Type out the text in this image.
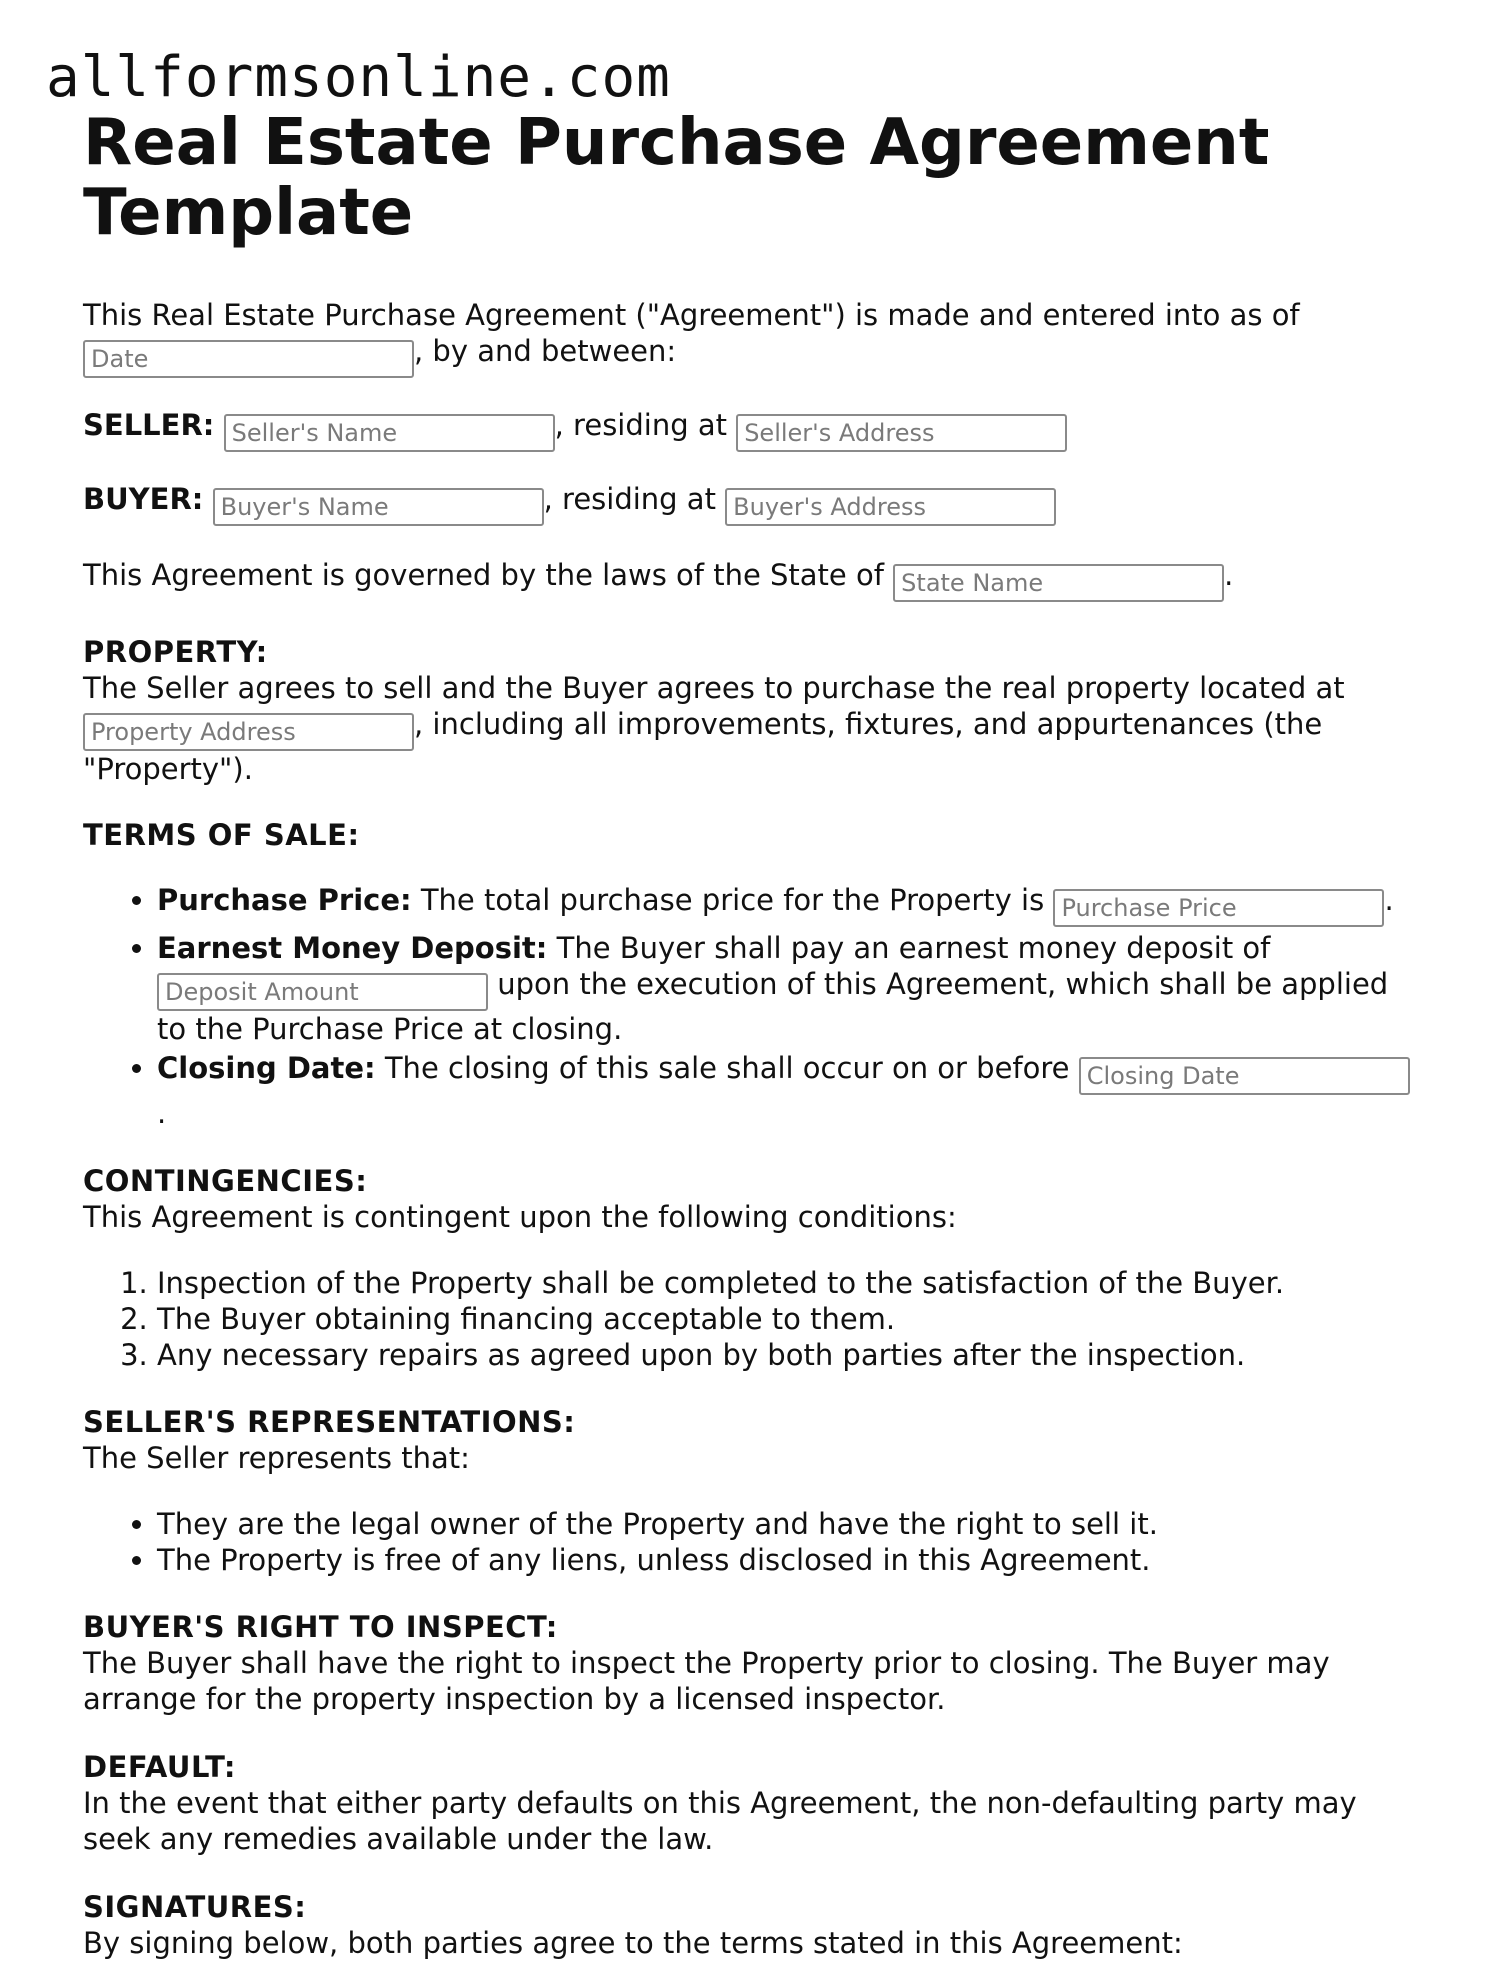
allformsonline.com
Real Estate Purchase Agreement Template

This Real Estate Purchase Agreement ("Agreement") is made and entered into as of
Date, by and between:

SELLER: Seller's Name	, residing at Seller's Address

BUYER: Buyer's Name	, residing at Buyer's Address

This Agreement is governed by the laws of the State of State Name	.

PROPERTY:

The Seller agrees to sell and the Buyer agrees to purchase the real property located at
Property Address, including all improvements, fixtures, and appurtenances (the "Property").

TERMS OF SALE:
• Purchase Price: The total purchase price for the Property is Purchase Price	.
• Earnest Money Deposit: The Buyer shall pay an earnest money deposit of
Deposit Amount upon the execution of this Agreement, which shall be applied to the Purchase Price at closing.
• Closing Date: The closing of this sale shall occur on or before Closing Date
.
CONTINGENCIES:

This Agreement is contingent upon the following conditions:

1. Inspection of the Property shall be completed to the satisfaction of the Buyer.
2. The Buyer obtaining financing acceptable to them.
3. Any necessary repairs as agreed upon by both parties after the inspection.
SELLER'S REPRESENTATIONS:

The Seller represents that:

• They are the legal owner of the Property and have the right to sell it.
• The Property is free of any liens, unless disclosed in this Agreement.
BUYER'S RIGHT TO INSPECT:

The Buyer shall have the right to inspect the Property prior to closing. The Buyer may arrange for the property inspection by a licensed inspector.

DEFAULT:

In the event that either party defaults on this Agreement, the non-defaulting party may seek any remedies available under the law.

SIGNATURES:

By signing below, both parties agree to the terms stated in this Agreement:
